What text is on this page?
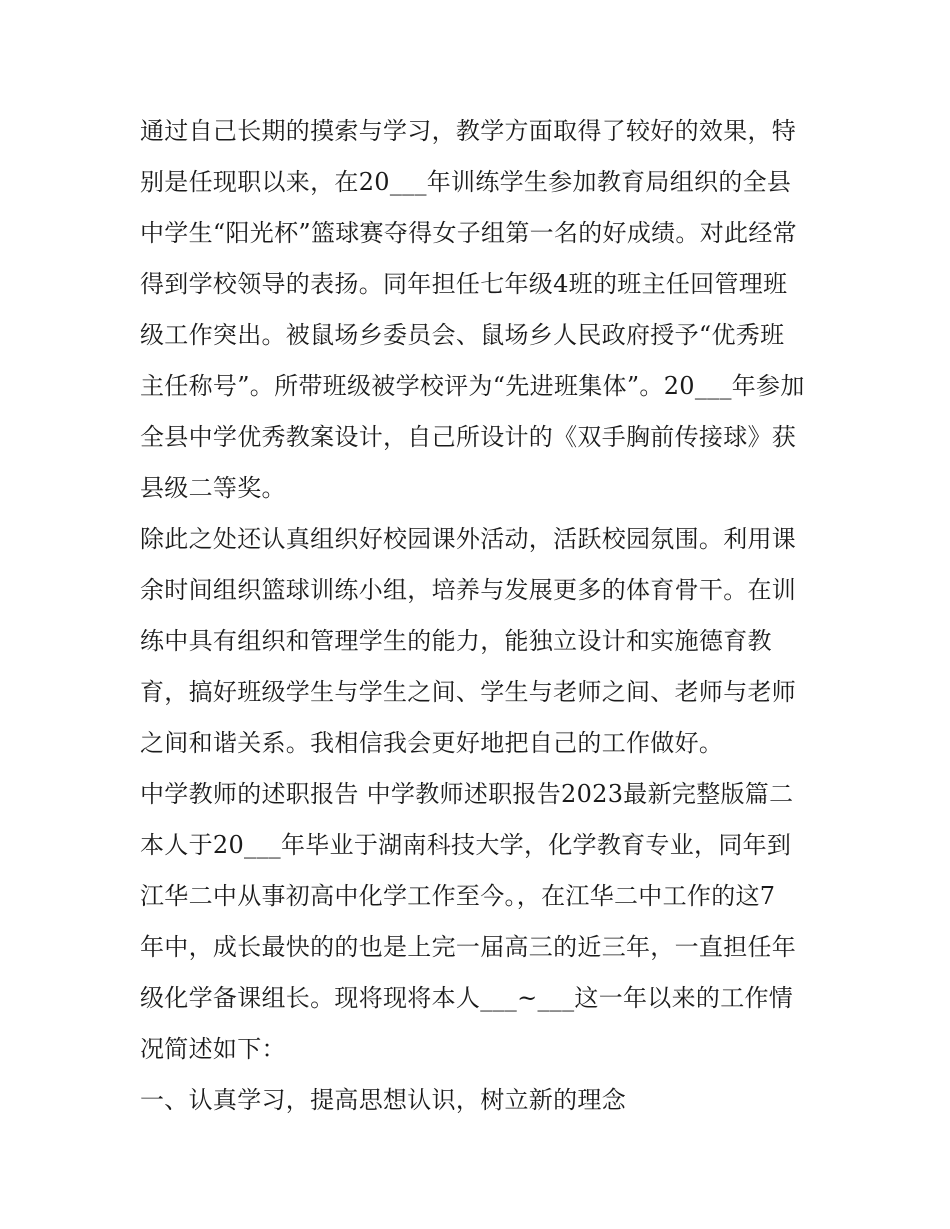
通过自己长期的摸索与学习，教学方面取得了较好的效果，特
别是任现职以来，在20___年训练学生参加教育局组织的全县
中学生“阳光杯”篮球赛夺得女子组第一名的好成绩。对此经常
得到学校领导的表扬。同年担任七年级4班的班主任回管理班
级工作突出。被鼠场乡委员会、鼠场乡人民政府授予“优秀班
主任称号”。所带班级被学校评为“先进班集体”。20___年参加
全县中学优秀教案设计，自己所设计的《双手胸前传接球》获
县级二等奖。
除此之处还认真组织好校园课外活动，活跃校园氛围。利用课
余时间组织篮球训练小组，培养与发展更多的体育骨干。在训
练中具有组织和管理学生的能力，能独立设计和实施德育教
育，搞好班级学生与学生之间、学生与老师之间、老师与老师
之间和谐关系。我相信我会更好地把自己的工作做好。
中学教师的述职报告 中学教师述职报告2023最新完整版篇二
本人于20___年毕业于湖南科技大学，化学教育专业，同年到
江华二中从事初高中化学工作至今。，在江华二中工作的这7
年中，成长最快的的也是上完一届高三的近三年，一直担任年
级化学备课组长。现将现将本人___~___这一年以来的工作情
况简述如下：
一、认真学习，提高思想认识，树立新的理念
